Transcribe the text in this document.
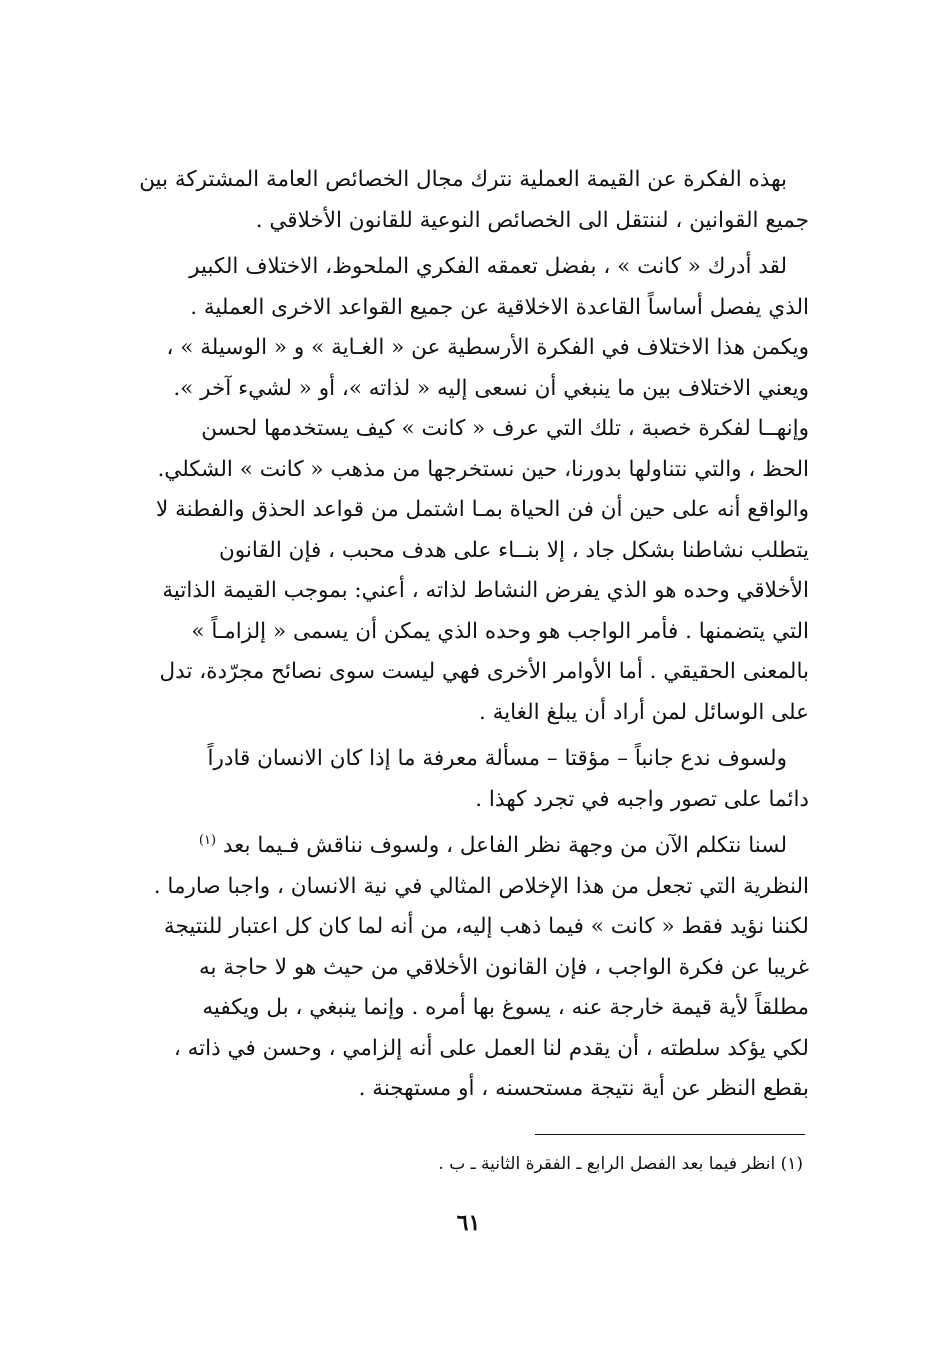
بهذه الفكرة عن القيمة العملية نترك مجال الخصائص العامة المشتركة بين
جميع القوانين ، لننتقل الى الخصائص النوعية للقانون الأخلاقي .

لقد أدرك « كانت » ، بفضل تعمقه الفكري الملحوظ، الاختلاف الكبير
الذي يفصل أساساً القاعدة الاخلاقية عن جميع القواعد الاخرى العملية .
ويكمن هذا الاختلاف في الفكرة الأرسطية عن « الغـاية » و « الوسيلة » ،
ويعني الاختلاف بين ما ينبغي أن نسعى إليه « لذاته »، أو « لشيء آخر ».
وإنهــا لفكرة خصبة ، تلك التي عرف « كانت » كيف يستخدمها لحسن
الحظ ، والتي نتناولها بدورنا، حين نستخرجها من مذهب « كانت » الشكلي.
والواقع أنه على حين أن فن الحياة بمـا اشتمل من قواعد الحذق والفطنة لا
يتطلب نشاطنا بشكل جاد ، إلا بنــاء على هدف محبب ، فإن القانون
الأخلاقي وحده هو الذي يفرض النشاط لذاته ، أعني: بموجب القيمة الذاتية
التي يتضمنها . فأمر الواجب هو وحده الذي يمكن أن يسمى « إلزامـاً »
بالمعنى الحقيقي . أما الأوامر الأخرى فهي ليست سوى نصائح مجرّدة، تدل
على الوسائل لمن أراد أن يبلغ الغاية .

ولسوف ندع جانباً – مؤقتا – مسألة معرفة ما إذا كان الانسان قادراً
دائما على تصور واجبه في تجرد كهذا .

لسنا نتكلم الآن من وجهة نظر الفاعل ، ولسوف نناقش فـيما بعد $^{(١)}$
النظرية التي تجعل من هذا الإخلاص المثالي في نية الانسان ، واجبا صارما .
لكننا نؤيد فقط « كانت » فيما ذهب إليه، من أنه لما كان كل اعتبار للنتيجة
غريبا عن فكرة الواجب ، فإن القانون الأخلاقي من حيث هو لا حاجة به
مطلقاً لأية قيمة خارجة عنه ، يسوغ بها أمره . وإنما ينبغي ، بل ويكفيه
لكي يؤكد سلطته ، أن يقدم لنا العمل على أنه إلزامي ، وحسن في ذاته ،
بقطع النظر عن أية نتيجة مستحسنه ، أو مستهجنة .

(١) انظر فيما بعد الفصل الرابع ـ الفقرة الثانية ـ ب .
٦١
